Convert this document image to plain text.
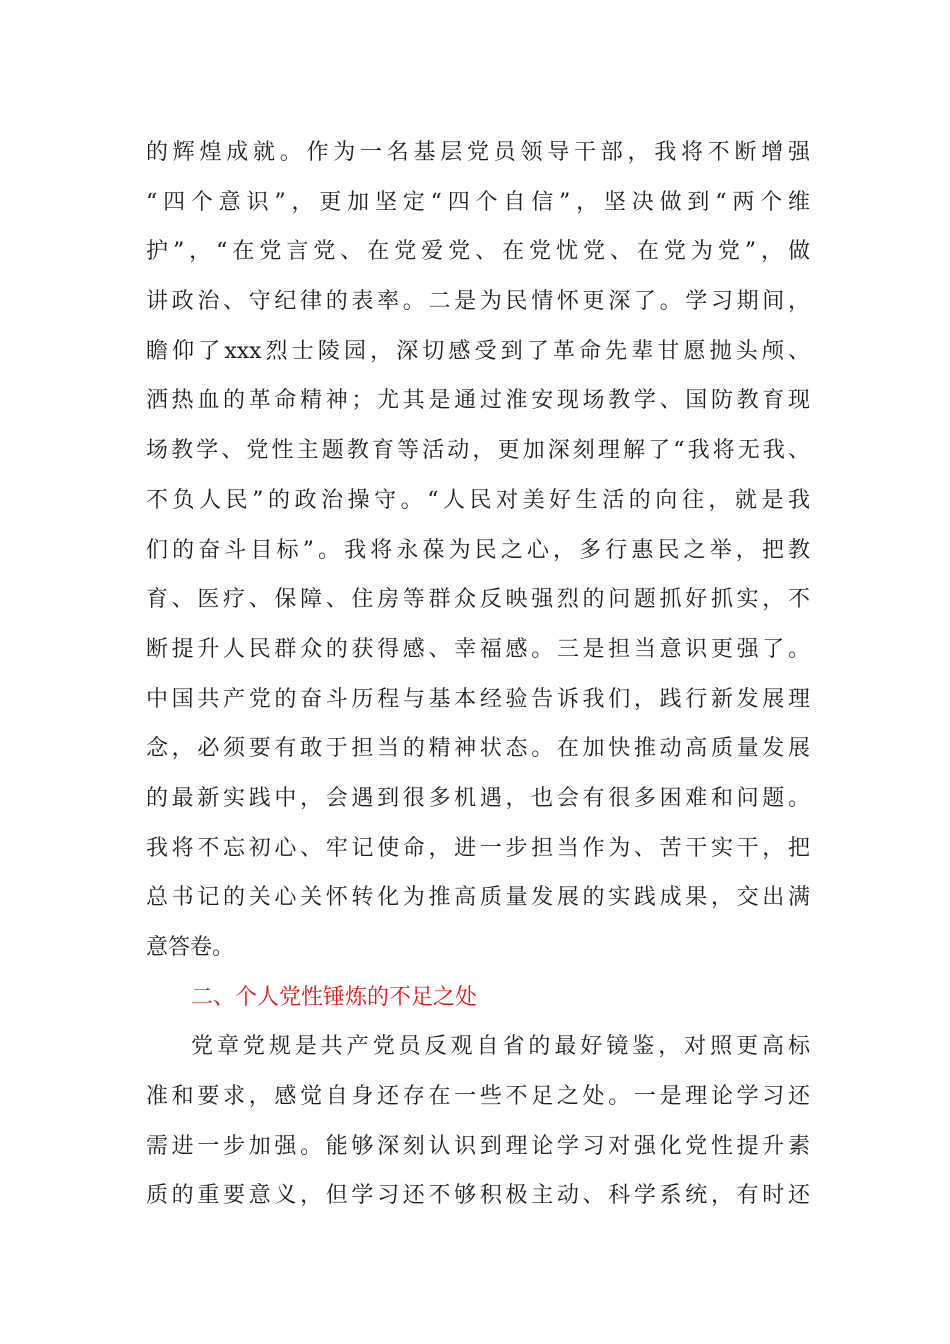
的辉煌成就。作为一名基层党员领导干部，我将不断增强
“四个意识”，更加坚定“四个自信”，坚决做到“两个维
护”，“在党言党、在党爱党、在党忧党、在党为党”，做
讲政治、守纪律的表率。二是为民情怀更深了。学习期间，
瞻仰了xxx烈士陵园，深切感受到了革命先辈甘愿抛头颅、
洒热血的革命精神；尤其是通过淮安现场教学、国防教育现
场教学、党性主题教育等活动，更加深刻理解了“我将无我、
不负人民”的政治操守。“人民对美好生活的向往，就是我
们的奋斗目标”。我将永葆为民之心，多行惠民之举，把教
育、医疗、保障、住房等群众反映强烈的问题抓好抓实，不
断提升人民群众的获得感、幸福感。三是担当意识更强了。
中国共产党的奋斗历程与基本经验告诉我们，践行新发展理
念，必须要有敢于担当的精神状态。在加快推动高质量发展
的最新实践中，会遇到很多机遇，也会有很多困难和问题。
我将不忘初心、牢记使命，进一步担当作为、苦干实干，把
总书记的关心关怀转化为推高质量发展的实践成果，交出满
意答卷。
二、个人党性锤炼的不足之处
党章党规是共产党员反观自省的最好镜鉴，对照更高标
准和要求，感觉自身还存在一些不足之处。一是理论学习还
需进一步加强。能够深刻认识到理论学习对强化党性提升素
质的重要意义，但学习还不够积极主动、科学系统，有时还
